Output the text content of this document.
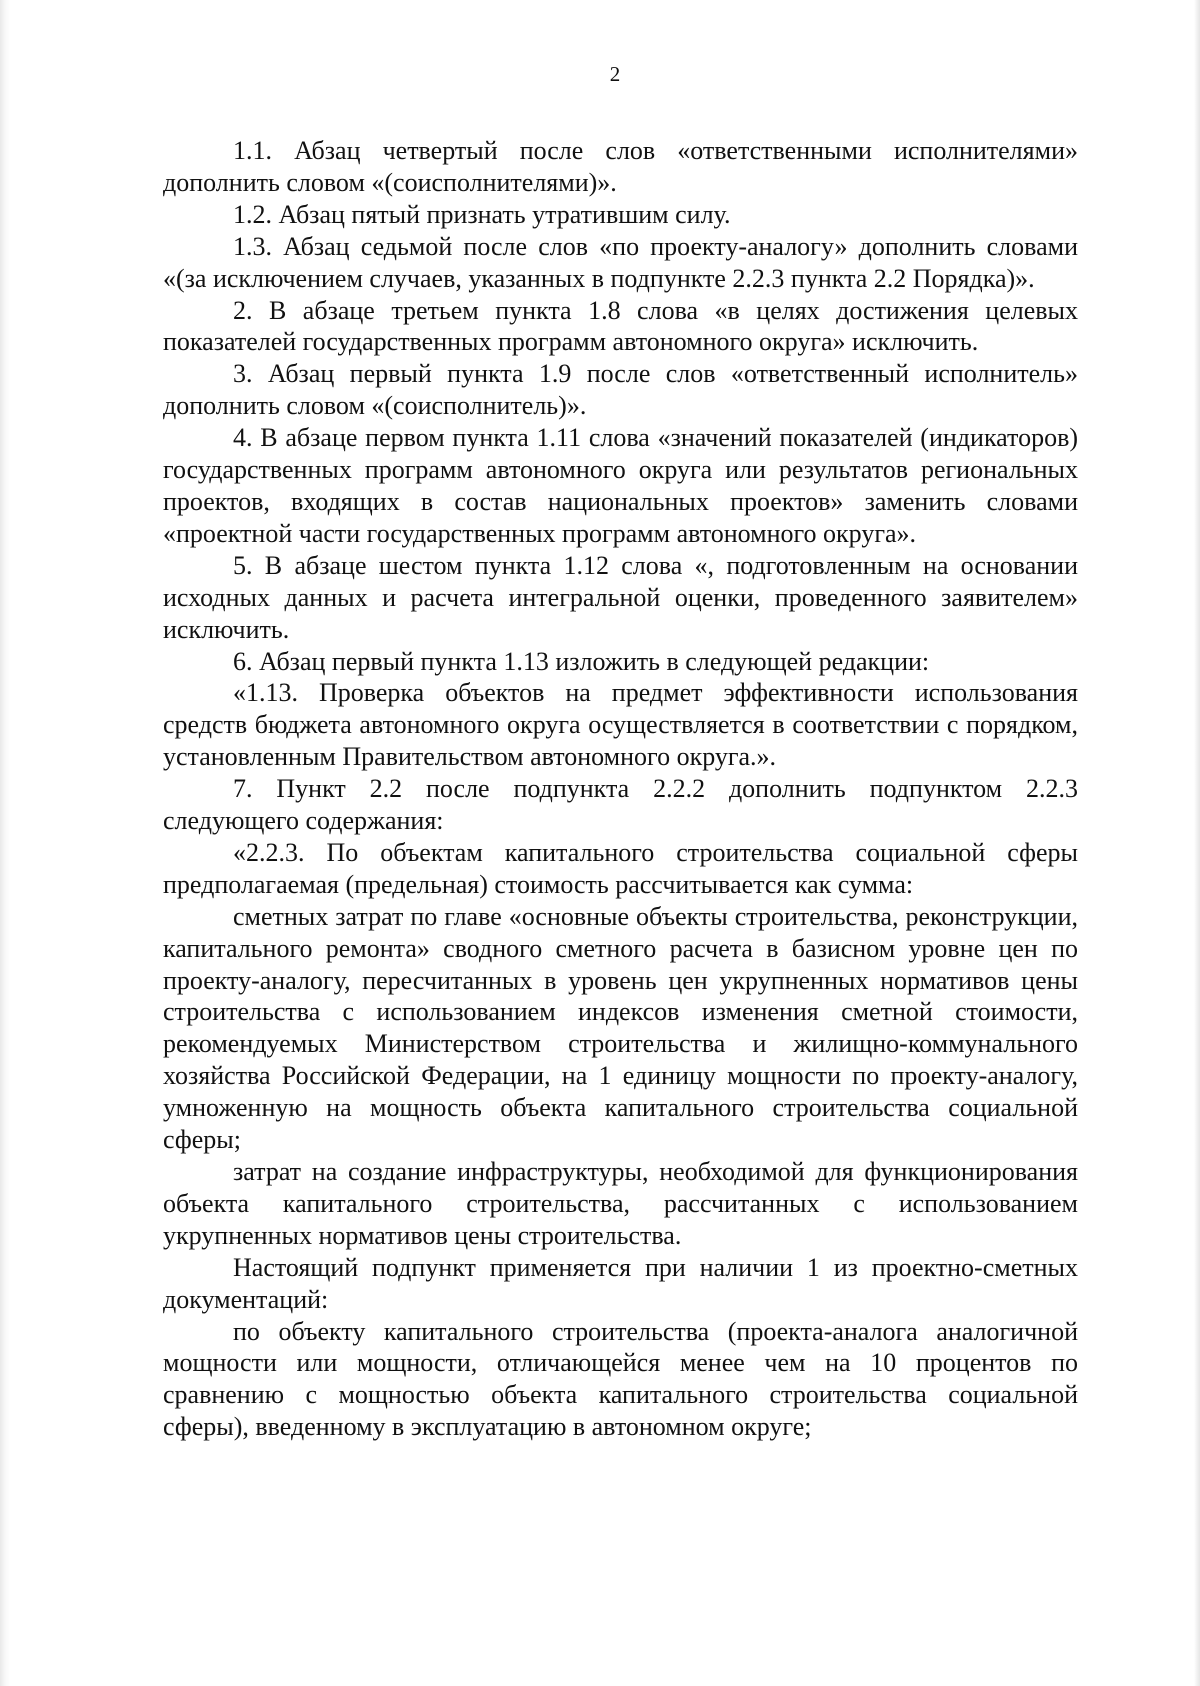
2

1.1. Абзац четвертый после слов «ответственными исполнителями» дополнить словом «(соисполнителями)».

1.2. Абзац пятый признать утратившим силу.

1.3. Абзац седьмой после слов «по проекту-аналогу» дополнить словами «(за исключением случаев, указанных в подпункте 2.2.3 пункта 2.2 Порядка)».

2. В абзаце третьем пункта 1.8 слова «в целях достижения целевых показателей государственных программ автономного округа» исключить.

3. Абзац первый пункта 1.9 после слов «ответственный исполнитель» дополнить словом «(соисполнитель)».

4. В абзаце первом пункта 1.11 слова «значений показателей (индикаторов) государственных программ автономного округа или результатов региональных проектов, входящих в состав национальных проектов» заменить словами «проектной части государственных программ автономного округа».

5. В абзаце шестом пункта 1.12 слова «, подготовленным на основании исходных данных и расчета интегральной оценки, проведенного заявителем» исключить.

6. Абзац первый пункта 1.13 изложить в следующей редакции:

«1.13. Проверка объектов на предмет эффективности использования средств бюджета автономного округа осуществляется в соответствии с порядком, установленным Правительством автономного округа.».

7. Пункт 2.2 после подпункта 2.2.2 дополнить подпунктом 2.2.3 следующего содержания:

«2.2.3. По объектам капитального строительства социальной сферы предполагаемая (предельная) стоимость рассчитывается как сумма:

сметных затрат по главе «основные объекты строительства, реконструкции, капитального ремонта» сводного сметного расчета в базисном уровне цен по проекту-аналогу, пересчитанных в уровень цен укрупненных нормативов цены строительства с использованием индексов изменения сметной стоимости, рекомендуемых Министерством строительства и жилищно-коммунального хозяйства Российской Федерации, на 1 единицу мощности по проекту-аналогу, умноженную на мощность объекта капитального строительства социальной сферы;

затрат на создание инфраструктуры, необходимой для функционирования объекта капитального строительства, рассчитанных с использованием укрупненных нормативов цены строительства.

Настоящий подпункт применяется при наличии 1 из проектно-сметных документаций:

по объекту капитального строительства (проекта-аналога аналогичной мощности или мощности, отличающейся менее чем на 10 процентов по сравнению с мощностью объекта капитального строительства социальной сферы), введенному в эксплуатацию в автономном округе;
